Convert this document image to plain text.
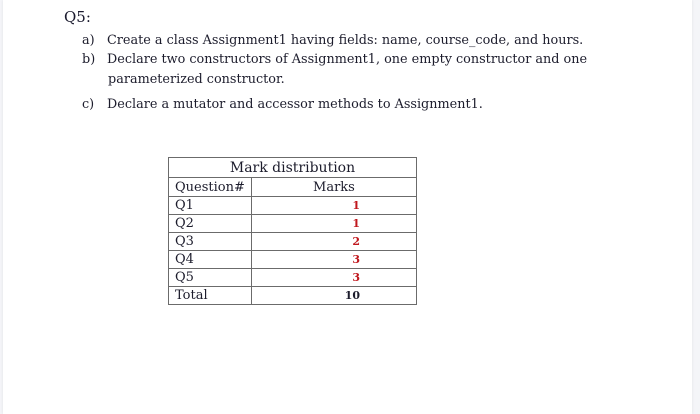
Q5:
a) Create a class Assignment1 having fields: name, course_code, and hours.
b) Declare two constructors of Assignment1, one empty constructor and one
parameterized constructor.
c) Declare a mutator and accessor methods to Assignment1.
Mark distribution	
Question#	Marks
Q1	1
Q2	1
Q3	2
Q4	3
Q5	3
Total	10
